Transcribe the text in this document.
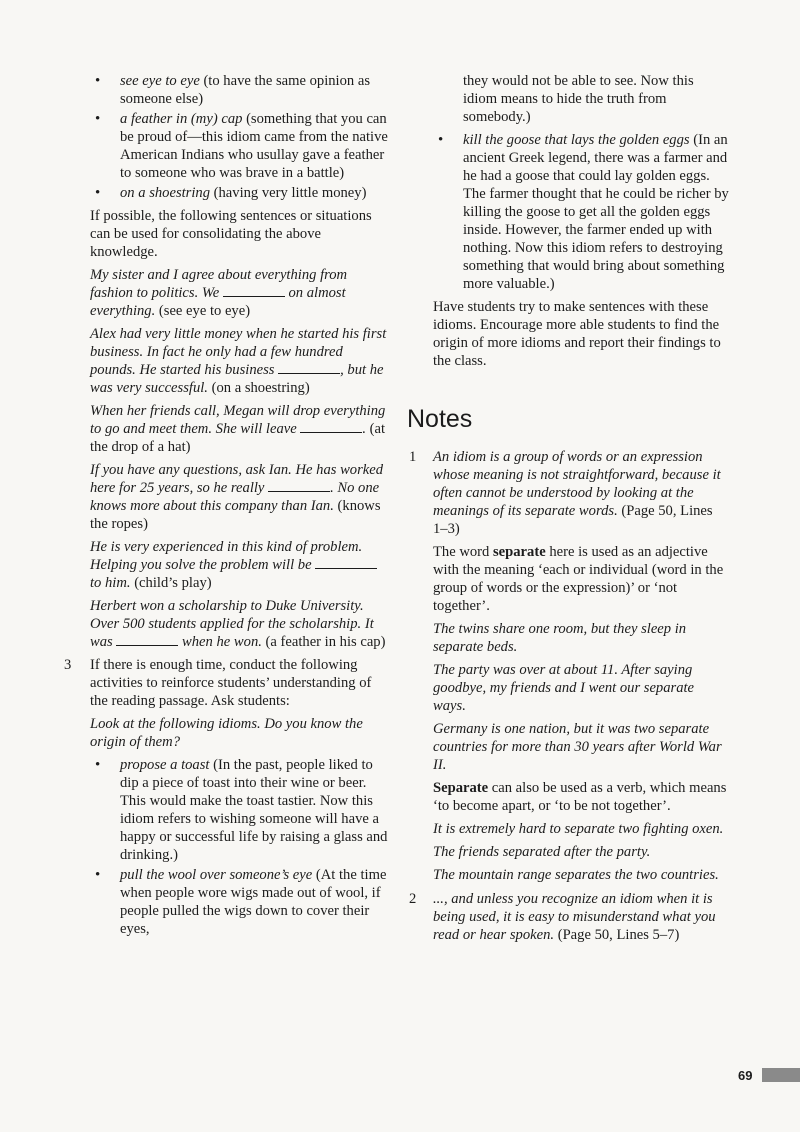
• see eye to eye (to have the same opinion as someone else)
• a feather in (my) cap (something that you can be proud of—this idiom came from the native American Indians who usullay gave a feather to someone who was brave in a battle)
• on a shoestring (having very little money)

If possible, the following sentences or situations can be used for consolidating the above knowledge.

My sister and I agree about everything from fashion to politics. We	on almost everything. (see eye to eye)

Alex had very little money when he started his first business. In fact he only had a few hundred pounds. He started his business	, but he was very successful. (on a shoestring)

When her friends call, Megan will drop everything to go and meet them. She will leave	. (at the drop of a hat)

If you have any questions, ask Ian. He has worked here for 25 years, so he really	. No one knows more about this company than Ian. (knows the ropes)

He is very experienced in this kind of problem. Helping you solve the problem will be  to him. (child’s play)

Herbert won a scholarship to Duke University. Over 500 students applied for the scholarship. It was	when he won. (a feather in his cap)

3 If there is enough time, conduct the following activities to reinforce students’ understanding of the reading passage. Ask students:

Look at the following idioms. Do you know the origin of them?

• propose a toast (In the past, people liked to dip a piece of toast into their wine or beer. This would make the toast tastier. Now this idiom refers to wishing someone will have a happy or successful life by raising a glass and drinking.)
• pull the wool over someone’s eye (At the time when people wore wigs made out of wool, if people pulled the wigs down to cover their eyes,

they would not be able to see. Now this idiom means to hide the truth from somebody.)

• kill the goose that lays the golden eggs (In an ancient Greek legend, there was a farmer and he had a goose that could lay golden eggs. The farmer thought that he could be richer by killing the goose to get all the golden eggs inside. However, the farmer ended up with nothing. Now this idiom refers to destroying something that would bring about something more valuable.)

Have students try to make sentences with these idioms. Encourage more able students to find the origin of more idioms and report their findings to the class.

Notes
1 An idiom is a group of words or an expression whose meaning is not straightforward, because it often cannot be understood by looking at the meanings of its separate words. (Page 50, Lines 1–3)

The word separate here is used as an adjective with the meaning ‘each or individual (word in the group of words or the expression)’ or ‘not together’.

The twins share one room, but they sleep in separate beds.

The party was over at about 11. After saying goodbye, my friends and I went our separate ways.

Germany is one nation, but it was two separate countries for more than 30 years after World War II.

Separate can also be used as a verb, which means ‘to become apart, or ‘to be not together’.

It is extremely hard to separate two fighting oxen.

The friends separated after the party.

The mountain range separates the two countries.

2 ..., and unless you recognize an idiom when it is being used, it is easy to misunderstand what you read or hear spoken. (Page 50, Lines 5–7)

69
